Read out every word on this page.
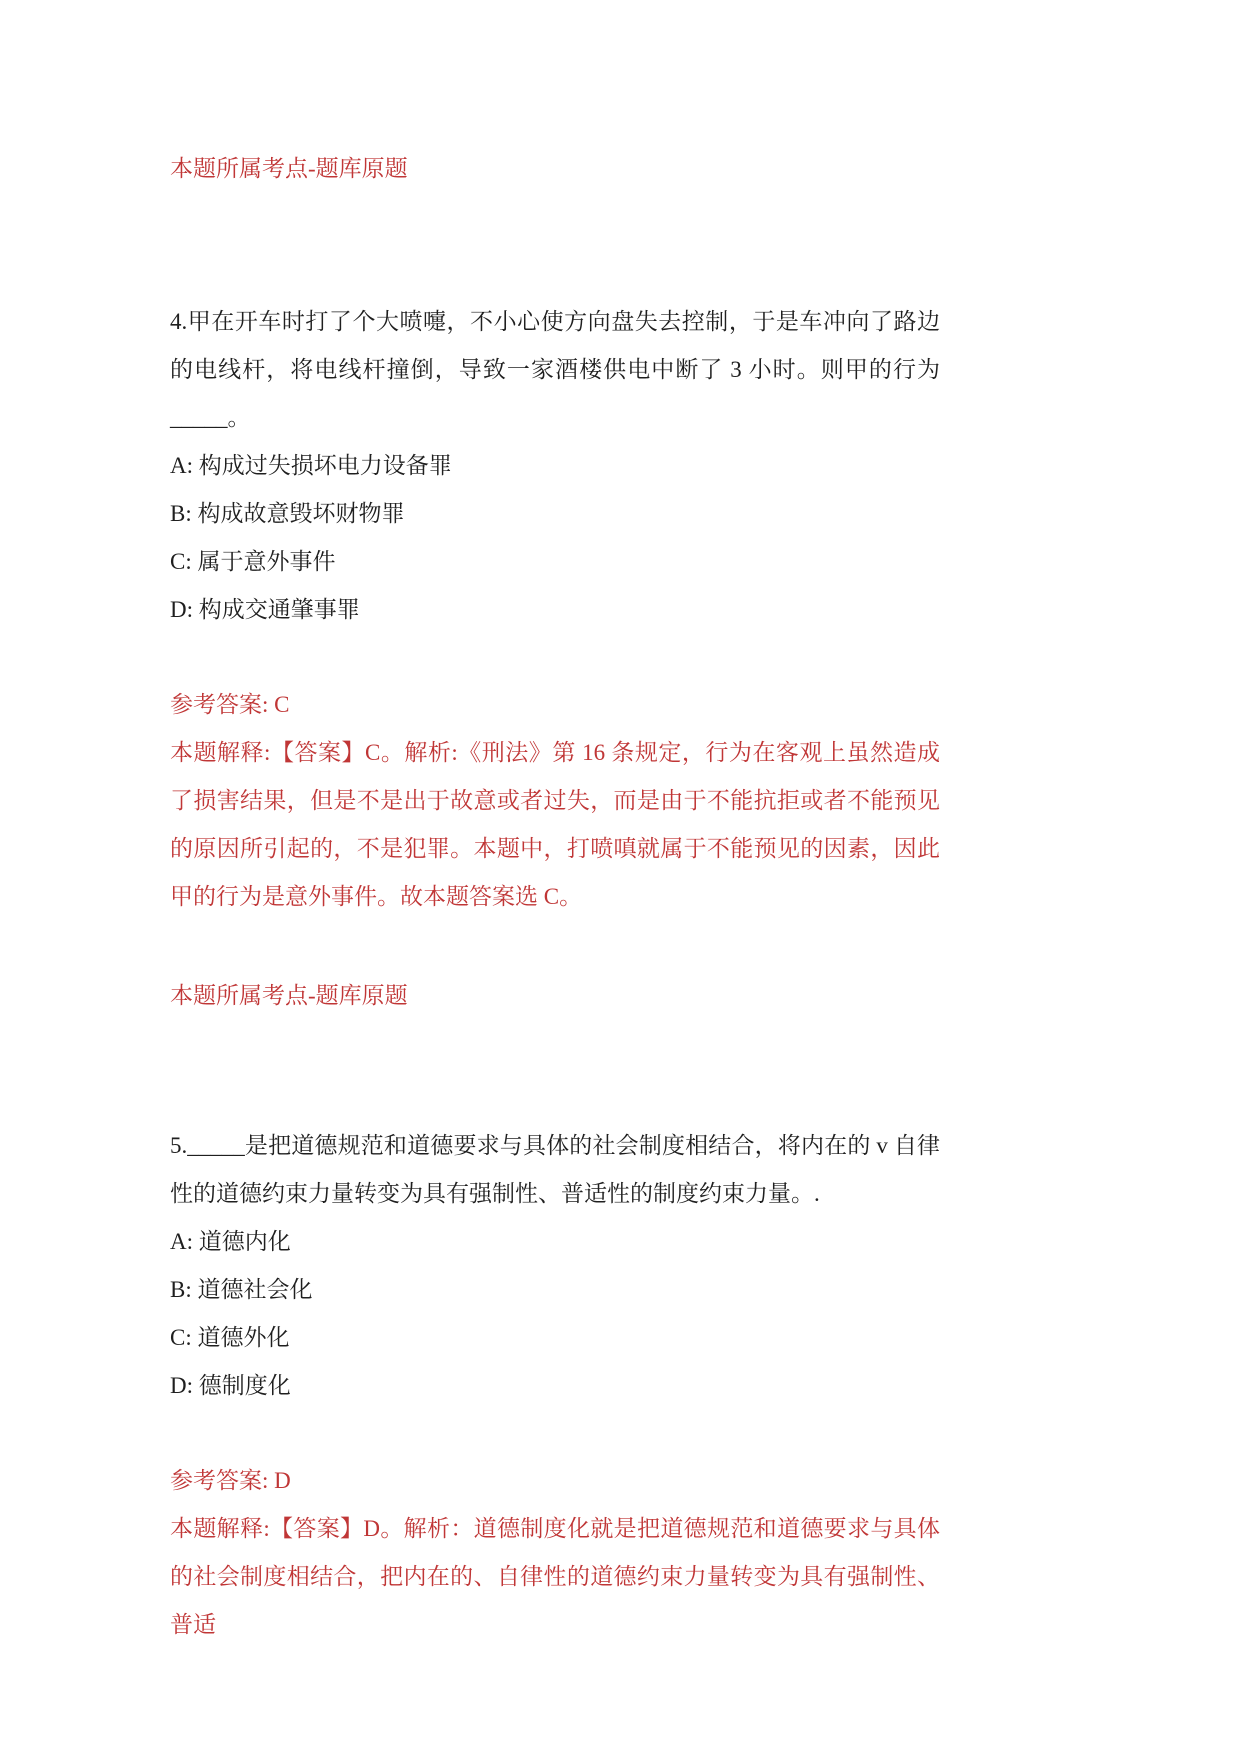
本题所属考点-题库原题

4.甲在开车时打了个大喷嚏，不小心使方向盘失去控制，于是车冲向了路边的电线杆，将电线杆撞倒，导致一家酒楼供电中断了 3 小时。则甲的行为_____。

A: 构成过失损坏电力设备罪

B: 构成故意毁坏财物罪

C: 属于意外事件

D: 构成交通肇事罪

参考答案: C

本题解释:【答案】C。解析:《刑法》第 16 条规定，行为在客观上虽然造成了损害结果，但是不是出于故意或者过失，而是由于不能抗拒或者不能预见的原因所引起的，不是犯罪。本题中，打喷嗔就属于不能预见的因素，因此甲的行为是意外事件。故本题答案选 C。

本题所属考点-题库原题

5._____是把道德规范和道德要求与具体的社会制度相结合，将内在的 v 自律性的道德约束力量转变为具有强制性、普适性的制度约束力量。.

A: 道德内化

B: 道德社会化

C: 道德外化

D: 德制度化

参考答案: D

本题解释:【答案】D。解析：道德制度化就是把道德规范和道德要求与具体的社会制度相结合，把内在的、自律性的道德约束力量转变为具有强制性、普适
